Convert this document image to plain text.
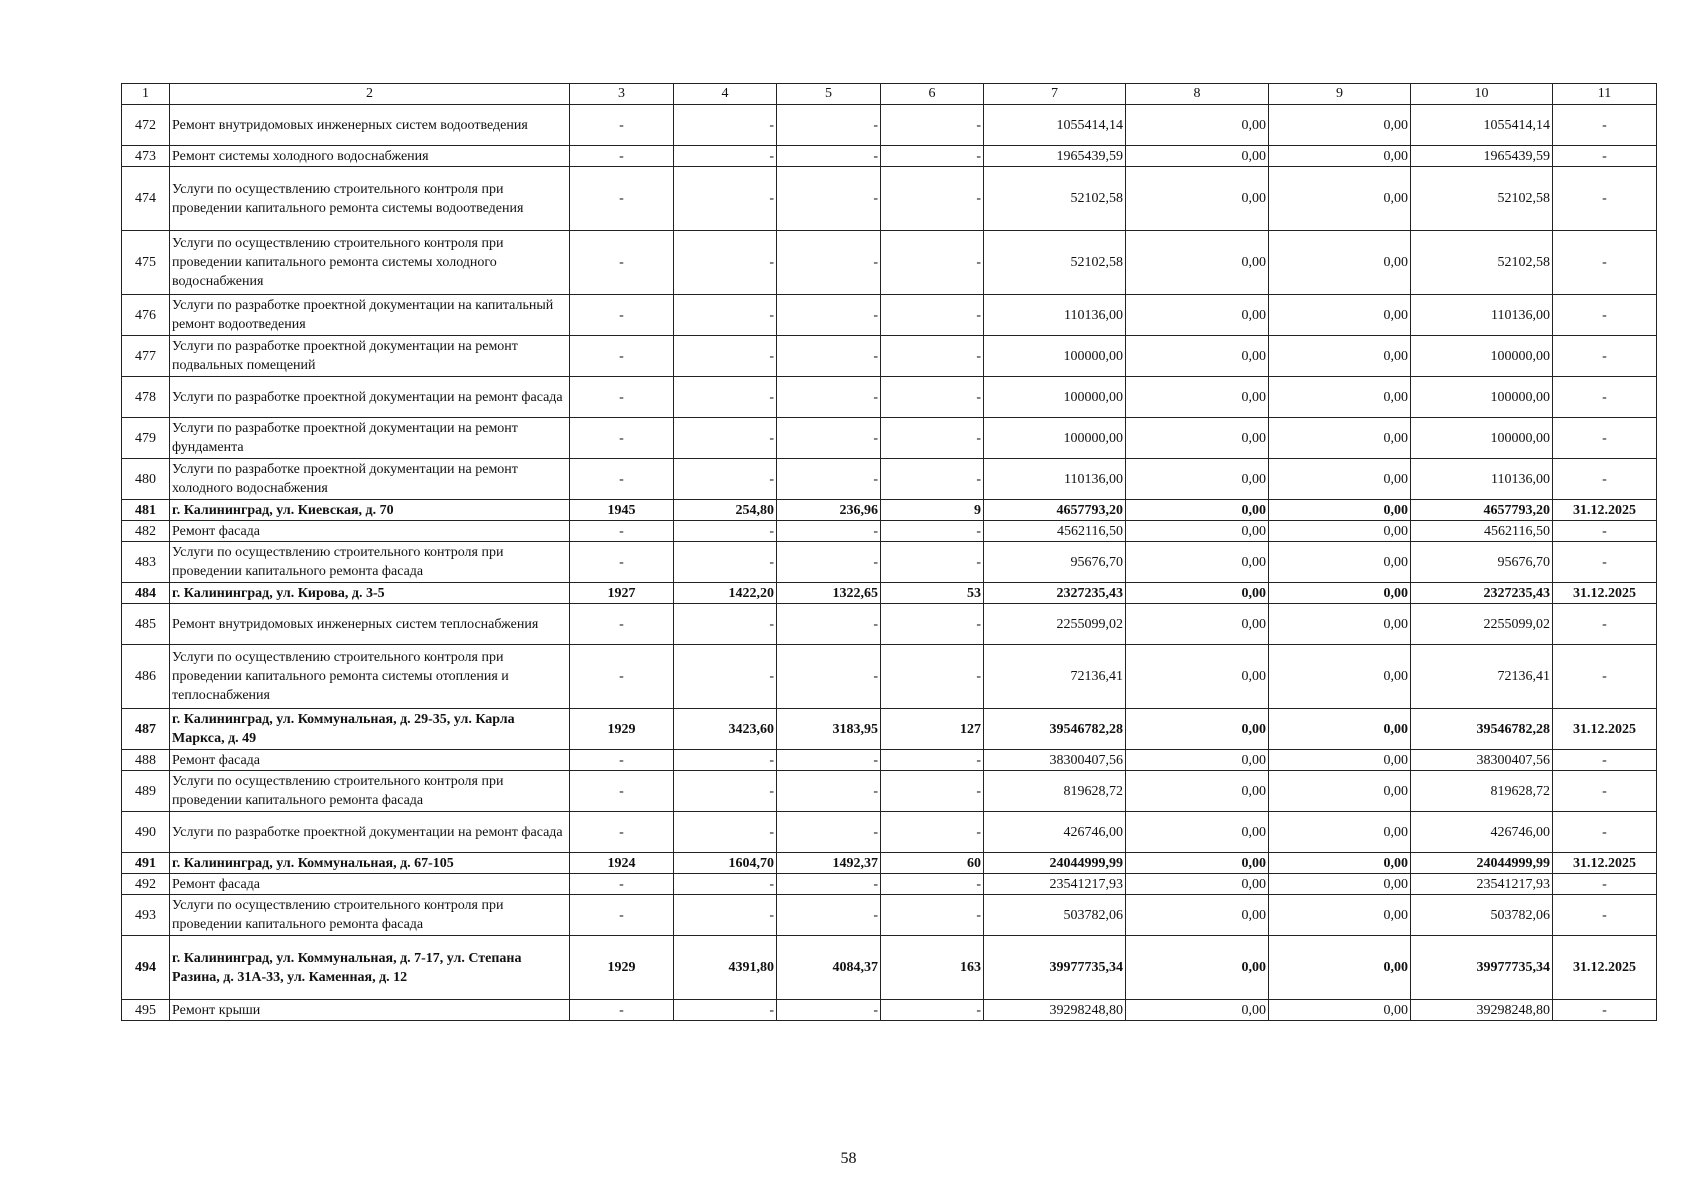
1	2	3	4	5	6	7	8	9	10	11
472	Ремонт внутридомовых инженерных систем водоотведения	-	-	-	-	1055414,14	0,00	0,00	1055414,14	-
473	Ремонт системы холодного водоснабжения	-	-	-	-	1965439,59	0,00	0,00	1965439,59	-
474	Услуги по осуществлению строительного контроля при проведении капитального ремонта системы водоотведения	-	-	-	-	52102,58	0,00	0,00	52102,58	-
475	Услуги по осуществлению строительного контроля при проведении капитального ремонта системы холодного водоснабжения	-	-	-	-	52102,58	0,00	0,00	52102,58	-
476	Услуги по разработке проектной документации на капитальный ремонт водоотведения	-	-	-	-	110136,00	0,00	0,00	110136,00	-
477	Услуги по разработке проектной документации на ремонт подвальных помещений	-	-	-	-	100000,00	0,00	0,00	100000,00	-
478	Услуги по разработке проектной документации на ремонт фасада	-	-	-	-	100000,00	0,00	0,00	100000,00	-
479	Услуги по разработке проектной документации на ремонт фундамента	-	-	-	-	100000,00	0,00	0,00	100000,00	-
480	Услуги по разработке проектной документации на ремонт холодного водоснабжения	-	-	-	-	110136,00	0,00	0,00	110136,00	-
481	г. Калининград, ул. Киевская, д. 70	1945	254,80	236,96	9	4657793,20	0,00	0,00	4657793,20	31.12.2025
482	Ремонт фасада	-	-	-	-	4562116,50	0,00	0,00	4562116,50	-
483	Услуги по осуществлению строительного контроля при проведении капитального ремонта фасада	-	-	-	-	95676,70	0,00	0,00	95676,70	-
484	г. Калининград, ул. Кирова, д. 3-5	1927	1422,20	1322,65	53	2327235,43	0,00	0,00	2327235,43	31.12.2025
485	Ремонт внутридомовых инженерных систем теплоснабжения	-	-	-	-	2255099,02	0,00	0,00	2255099,02	-
486	Услуги по осуществлению строительного контроля при проведении капитального ремонта системы отопления и теплоснабжения	-	-	-	-	72136,41	0,00	0,00	72136,41	-
487	г. Калининград, ул. Коммунальная, д. 29-35, ул. Карла Маркса, д. 49	1929	3423,60	3183,95	127	39546782,28	0,00	0,00	39546782,28	31.12.2025
488	Ремонт фасада	-	-	-	-	38300407,56	0,00	0,00	38300407,56	-
489	Услуги по осуществлению строительного контроля при проведении капитального ремонта фасада	-	-	-	-	819628,72	0,00	0,00	819628,72	-
490	Услуги по разработке проектной документации на ремонт фасада	-	-	-	-	426746,00	0,00	0,00	426746,00	-
491	г. Калининград, ул. Коммунальная, д. 67-105	1924	1604,70	1492,37	60	24044999,99	0,00	0,00	24044999,99	31.12.2025
492	Ремонт фасада	-	-	-	-	23541217,93	0,00	0,00	23541217,93	-
493	Услуги по осуществлению строительного контроля при проведении капитального ремонта фасада	-	-	-	-	503782,06	0,00	0,00	503782,06	-
494	г. Калининград, ул. Коммунальная, д. 7-17, ул. Степана Разина, д. 31А-33, ул. Каменная, д. 12	1929	4391,80	4084,37	163	39977735,34	0,00	0,00	39977735,34	31.12.2025
495	Ремонт крыши	-	-	-	-	39298248,80	0,00	0,00	39298248,80	-
58
